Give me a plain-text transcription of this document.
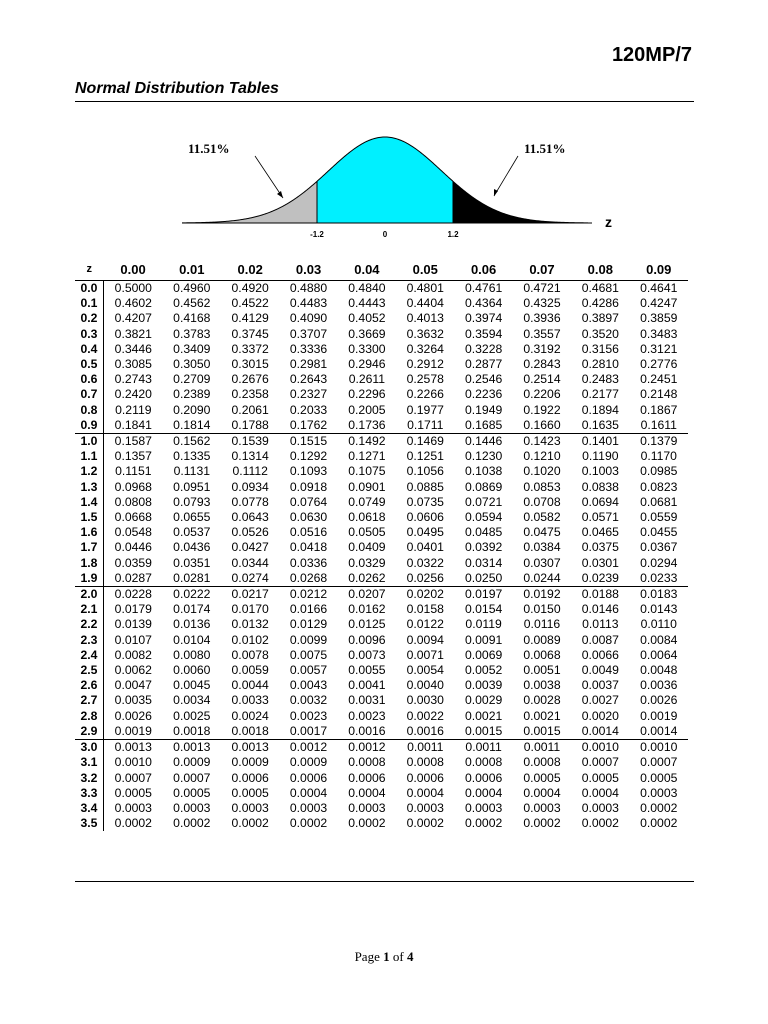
120MP/7
Normal Distribution Tables
11.51%	11.51%
z
-1.2	0	1.2
z	0.00	0.01	0.02	0.03	0.04	0.05	0.06	0.07	0.08	0.09
0.0	0.5000	0.4960	0.4920	0.4880	0.4840	0.4801	0.4761	0.4721	0.4681	0.4641
0.1	0.4602	0.4562	0.4522	0.4483	0.4443	0.4404	0.4364	0.4325	0.4286	0.4247
0.2	0.4207	0.4168	0.4129	0.4090	0.4052	0.4013	0.3974	0.3936	0.3897	0.3859
0.3	0.3821	0.3783	0.3745	0.3707	0.3669	0.3632	0.3594	0.3557	0.3520	0.3483
0.4	0.3446	0.3409	0.3372	0.3336	0.3300	0.3264	0.3228	0.3192	0.3156	0.3121
0.5	0.3085	0.3050	0.3015	0.2981	0.2946	0.2912	0.2877	0.2843	0.2810	0.2776
0.6	0.2743	0.2709	0.2676	0.2643	0.2611	0.2578	0.2546	0.2514	0.2483	0.2451
0.7	0.2420	0.2389	0.2358	0.2327	0.2296	0.2266	0.2236	0.2206	0.2177	0.2148
0.8	0.2119	0.2090	0.2061	0.2033	0.2005	0.1977	0.1949	0.1922	0.1894	0.1867
0.9	0.1841	0.1814	0.1788	0.1762	0.1736	0.1711	0.1685	0.1660	0.1635	0.1611
1.0	0.1587	0.1562	0.1539	0.1515	0.1492	0.1469	0.1446	0.1423	0.1401	0.1379
1.1	0.1357	0.1335	0.1314	0.1292	0.1271	0.1251	0.1230	0.1210	0.1190	0.1170
1.2	0.1151	0.1131	0.1112	0.1093	0.1075	0.1056	0.1038	0.1020	0.1003	0.0985
1.3	0.0968	0.0951	0.0934	0.0918	0.0901	0.0885	0.0869	0.0853	0.0838	0.0823
1.4	0.0808	0.0793	0.0778	0.0764	0.0749	0.0735	0.0721	0.0708	0.0694	0.0681
1.5	0.0668	0.0655	0.0643	0.0630	0.0618	0.0606	0.0594	0.0582	0.0571	0.0559
1.6	0.0548	0.0537	0.0526	0.0516	0.0505	0.0495	0.0485	0.0475	0.0465	0.0455
1.7	0.0446	0.0436	0.0427	0.0418	0.0409	0.0401	0.0392	0.0384	0.0375	0.0367
1.8	0.0359	0.0351	0.0344	0.0336	0.0329	0.0322	0.0314	0.0307	0.0301	0.0294
1.9	0.0287	0.0281	0.0274	0.0268	0.0262	0.0256	0.0250	0.0244	0.0239	0.0233
2.0	0.0228	0.0222	0.0217	0.0212	0.0207	0.0202	0.0197	0.0192	0.0188	0.0183
2.1	0.0179	0.0174	0.0170	0.0166	0.0162	0.0158	0.0154	0.0150	0.0146	0.0143
2.2	0.0139	0.0136	0.0132	0.0129	0.0125	0.0122	0.0119	0.0116	0.0113	0.0110
2.3	0.0107	0.0104	0.0102	0.0099	0.0096	0.0094	0.0091	0.0089	0.0087	0.0084
2.4	0.0082	0.0080	0.0078	0.0075	0.0073	0.0071	0.0069	0.0068	0.0066	0.0064
2.5	0.0062	0.0060	0.0059	0.0057	0.0055	0.0054	0.0052	0.0051	0.0049	0.0048
2.6	0.0047	0.0045	0.0044	0.0043	0.0041	0.0040	0.0039	0.0038	0.0037	0.0036
2.7	0.0035	0.0034	0.0033	0.0032	0.0031	0.0030	0.0029	0.0028	0.0027	0.0026
2.8	0.0026	0.0025	0.0024	0.0023	0.0023	0.0022	0.0021	0.0021	0.0020	0.0019
2.9	0.0019	0.0018	0.0018	0.0017	0.0016	0.0016	0.0015	0.0015	0.0014	0.0014
3.0	0.0013	0.0013	0.0013	0.0012	0.0012	0.0011	0.0011	0.0011	0.0010	0.0010
3.1	0.0010	0.0009	0.0009	0.0009	0.0008	0.0008	0.0008	0.0008	0.0007	0.0007
3.2	0.0007	0.0007	0.0006	0.0006	0.0006	0.0006	0.0006	0.0005	0.0005	0.0005
3.3	0.0005	0.0005	0.0005	0.0004	0.0004	0.0004	0.0004	0.0004	0.0004	0.0003
3.4	0.0003	0.0003	0.0003	0.0003	0.0003	0.0003	0.0003	0.0003	0.0003	0.0002
3.5	0.0002	0.0002	0.0002	0.0002	0.0002	0.0002	0.0002	0.0002	0.0002	0.0002
Page 1 of 4
